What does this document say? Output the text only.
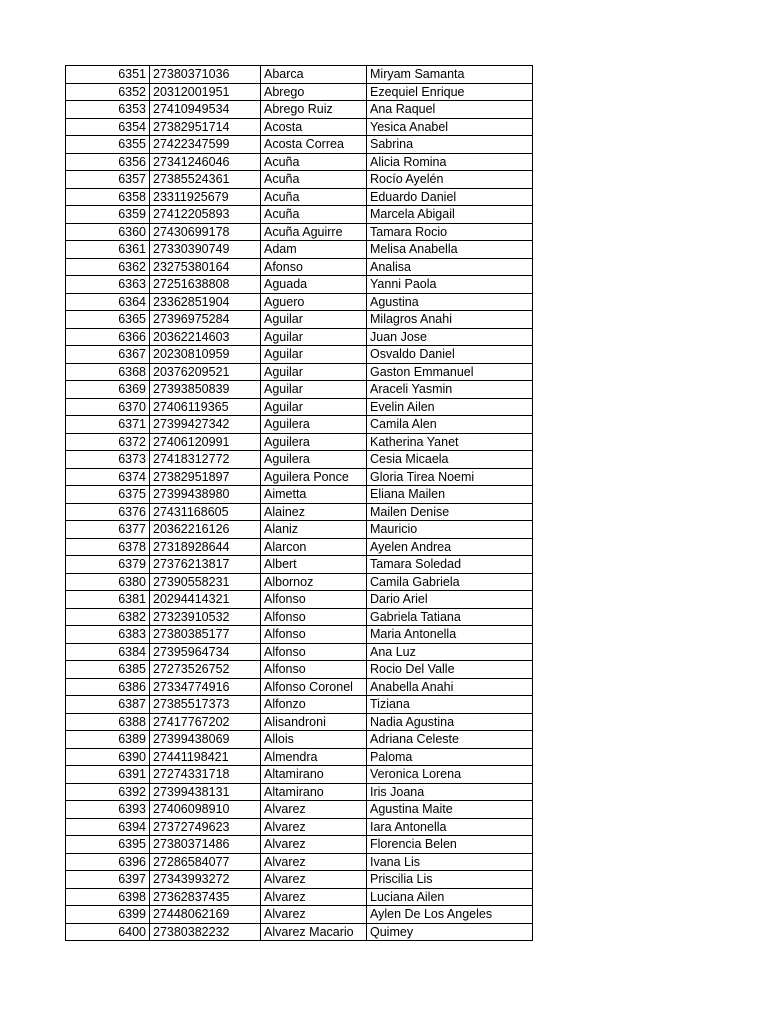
6351	27380371036	Abarca	Miryam Samanta
6352	20312001951	Abrego	Ezequiel Enrique
6353	27410949534	Abrego Ruiz	Ana Raquel
6354	27382951714	Acosta	Yesica Anabel
6355	27422347599	Acosta Correa	Sabrina
6356	27341246046	Acuña	Alicia Romina
6357	27385524361	Acuña	Rocío Ayelén
6358	23311925679	Acuña	Eduardo Daniel
6359	27412205893	Acuña	Marcela Abigail
6360	27430699178	Acuña Aguirre	Tamara Rocio
6361	27330390749	Adam	Melisa Anabella
6362	23275380164	Afonso	Analisa
6363	27251638808	Aguada	Yanni Paola
6364	23362851904	Aguero	Agustina
6365	27396975284	Aguilar	Milagros Anahi
6366	20362214603	Aguilar	Juan Jose
6367	20230810959	Aguilar	Osvaldo Daniel
6368	20376209521	Aguilar	Gaston Emmanuel
6369	27393850839	Aguilar	Araceli Yasmin
6370	27406119365	Aguilar	Evelin Ailen
6371	27399427342	Aguilera	Camila Alen
6372	27406120991	Aguilera	Katherina Yanet
6373	27418312772	Aguilera	Cesia Micaela
6374	27382951897	Aguilera Ponce	Gloria Tirea Noemi
6375	27399438980	Aimetta	Eliana Mailen
6376	27431168605	Alainez	Mailen Denise
6377	20362216126	Alaniz	Mauricio
6378	27318928644	Alarcon	Ayelen Andrea
6379	27376213817	Albert	Tamara Soledad
6380	27390558231	Albornoz	Camila Gabriela
6381	20294414321	Alfonso	Dario Ariel
6382	27323910532	Alfonso	Gabriela Tatiana
6383	27380385177	Alfonso	Maria Antonella
6384	27395964734	Alfonso	Ana Luz
6385	27273526752	Alfonso	Rocio Del Valle
6386	27334774916	Alfonso Coronel	Anabella Anahi
6387	27385517373	Alfonzo	Tiziana
6388	27417767202	Alisandroni	Nadia Agustina
6389	27399438069	Allois	Adriana Celeste
6390	27441198421	Almendra	Paloma
6391	27274331718	Altamirano	Veronica Lorena
6392	27399438131	Altamirano	Iris Joana
6393	27406098910	Alvarez	Agustina Maite
6394	27372749623	Alvarez	Iara Antonella
6395	27380371486	Alvarez	Florencia Belen
6396	27286584077	Alvarez	Ivana Lis
6397	27343993272	Alvarez	Priscilia Lis
6398	27362837435	Alvarez	Luciana Ailen
6399	27448062169	Alvarez	Aylen De Los Angeles
6400	27380382232	Alvarez Macario	Quimey
